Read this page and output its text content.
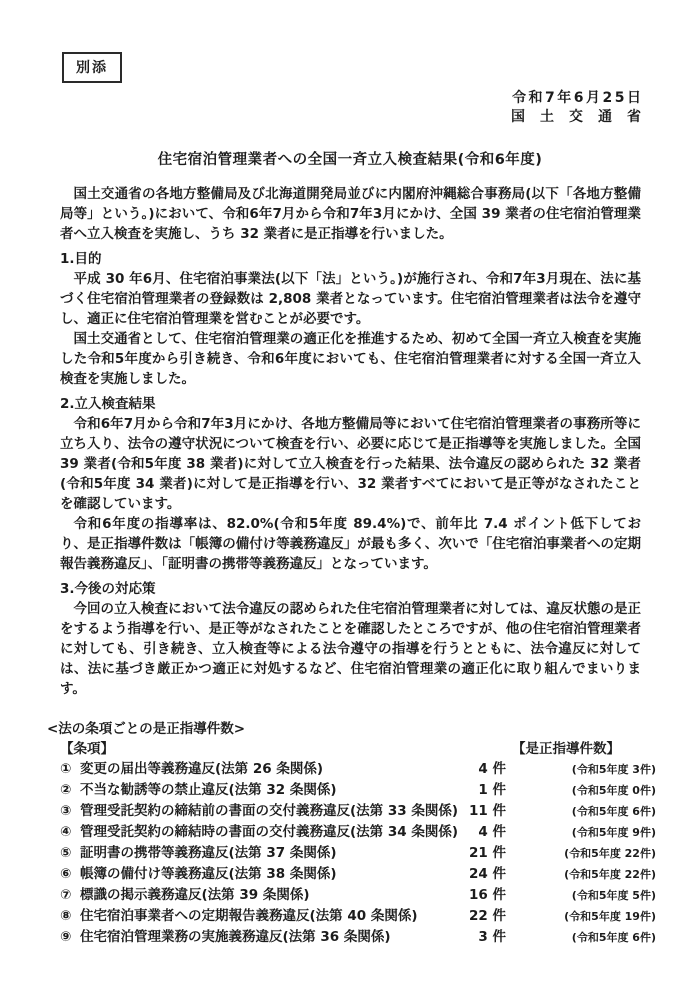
別添
令和7年6月25日
国土交通省
住宅宿泊管理業者への全国一斉立入検査結果(令和6年度)

国土交通省の各地方整備局及び北海道開発局並びに内閣府沖縄総合事務局(以下「各地方整備局等」という。)において、令和6年7月から令和7年3月にかけ、全国 39 業者の住宅宿泊管理業者へ立入検査を実施し、うち 32 業者に是正指導を行いました。

1.目的

平成 30 年6月、住宅宿泊事業法(以下「法」という。)が施行され、令和7年3月現在、法に基づく住宅宿泊管理業者の登録数は 2,808 業者となっています。住宅宿泊管理業者は法令を遵守し、適正に住宅宿泊管理業を営むことが必要です。

国土交通省として、住宅宿泊管理業の適正化を推進するため、初めて全国一斉立入検査を実施した令和5年度から引き続き、令和6年度においても、住宅宿泊管理業者に対する全国一斉立入検査を実施しました。

2.立入検査結果

令和6年7月から令和7年3月にかけ、各地方整備局等において住宅宿泊管理業者の事務所等に立ち入り、法令の遵守状況について検査を行い、必要に応じて是正指導等を実施しました。全国 39 業者(令和5年度 38 業者)に対して立入検査を行った結果、法令違反の認められた 32 業者(令和5年度 34 業者)に対して是正指導を行い、32 業者すべてにおいて是正等がなされたことを確認しています。

令和6年度の指導率は、82.0%(令和5年度 89.4%)で、前年比 7.4 ポイント低下しており、是正指導件数は「帳簿の備付け等義務違反」が最も多く、次いで「住宅宿泊事業者への定期報告義務違反」、「証明書の携帯等義務違反」となっています。

3.今後の対応策

今回の立入検査において法令違反の認められた住宅宿泊管理業者に対しては、違反状態の是正をするよう指導を行い、是正等がなされたことを確認したところですが、他の住宅宿泊管理業者に対しても、引き続き、立入検査等による法令遵守の指導を行うとともに、法令違反に対しては、法に基づき厳正かつ適正に対処するなど、住宅宿泊管理業の適正化に取り組んでまいります。

<法の条項ごとの是正指導件数>
【条項】	【是正指導件数】
① 変更の届出等義務違反(法第 26 条関係)	4 件	(令和5年度 3件)
② 不当な勧誘等の禁止違反(法第 32 条関係)	1 件	(令和5年度 0件)
③ 管理受託契約の締結前の書面の交付義務違反(法第 33 条関係) 11 件	(令和5年度 6件)
④ 管理受託契約の締結時の書面の交付義務違反(法第 34 条関係)	4 件	(令和5年度 9件)
⑤ 証明書の携帯等義務違反(法第 37 条関係)	21 件	(令和5年度 22件)
⑥ 帳簿の備付け等義務違反(法第 38 条関係)	24 件	(令和5年度 22件)
⑦ 標識の掲示義務違反(法第 39 条関係)	16 件	(令和5年度 5件)
⑧ 住宅宿泊事業者への定期報告義務違反(法第 40 条関係)	22 件	(令和5年度 19件)
⑨ 住宅宿泊管理業務の実施義務違反(法第 36 条関係)	3 件	(令和5年度 6件)
